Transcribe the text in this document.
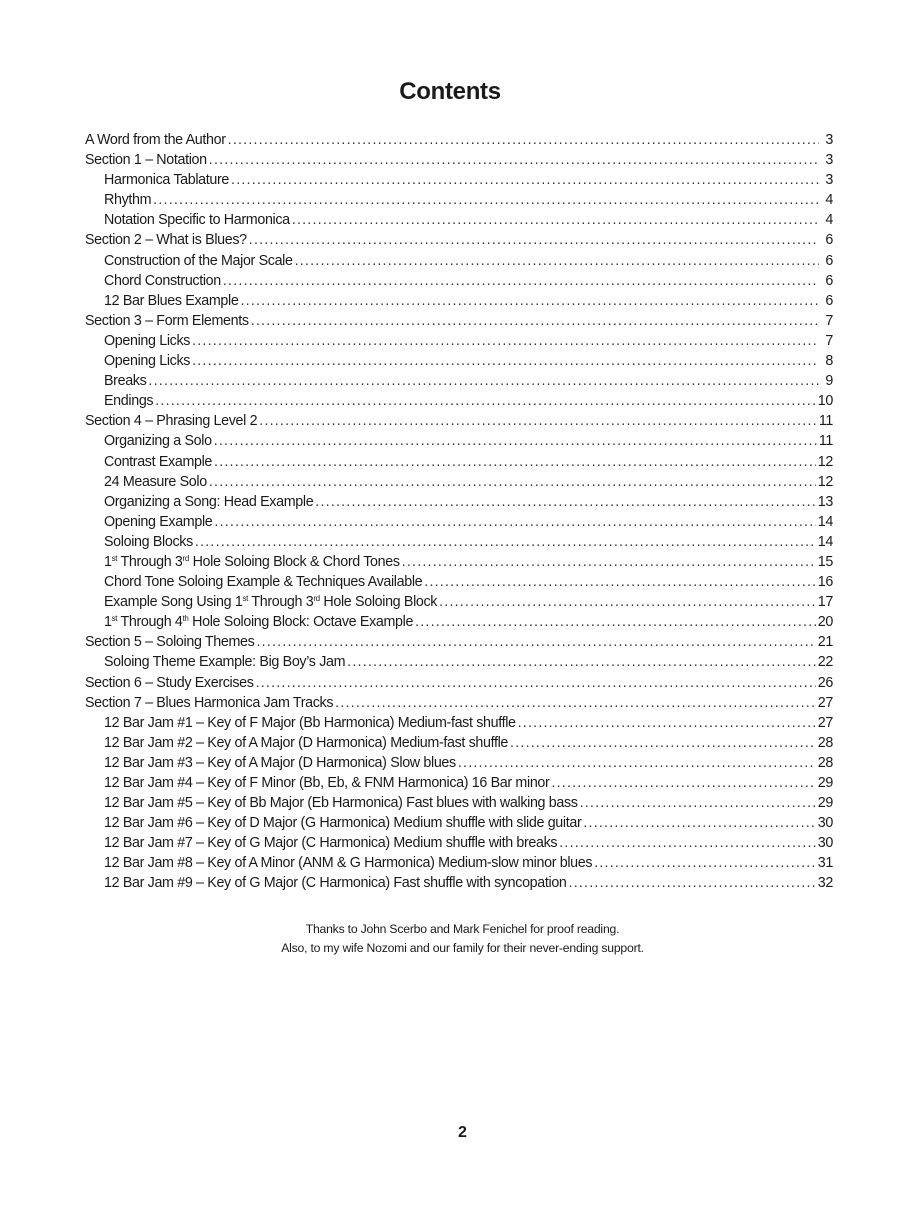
Contents
A Word from the Author .....	3
Section 1 – Notation .....	3
Harmonica Tablature .....	3
Rhythm .....	4
Notation Specific to Harmonica .....	4
Section 2 – What is Blues? .....	6
Construction of the Major Scale .....	6
Chord Construction .....	6
12 Bar Blues Example .....	6
Section 3 – Form Elements .....	7
Opening Licks .....	7
Opening Licks .....	8
Breaks .....	9
Endings .....	10
Section 4 – Phrasing Level 2 .....	11
Organizing a Solo .....	11
Contrast Example .....	12
24 Measure Solo .....	12
Organizing a Song: Head Example .....	13
Opening Example .....	14
Soloing Blocks .....	14
1st Through 3rd Hole Soloing Block & Chord Tones .....	15
Chord Tone Soloing Example & Techniques Available .....	16
Example Song Using 1st Through 3rd Hole Soloing Block .....	17
1st Through 4th Hole Soloing Block: Octave Example .....	20
Section 5 – Soloing Themes .....	21
Soloing Theme Example: Big Boy’s Jam .....	22
Section 6 – Study Exercises .....	26
Section 7 – Blues Harmonica Jam Tracks .....	27
12 Bar Jam #1 – Key of F Major (Bb Harmonica) Medium-fast shuffle .....	27
12 Bar Jam #2 – Key of A Major (D Harmonica) Medium-fast shuffle .....	28
12 Bar Jam #3 – Key of A Major (D Harmonica) Slow blues .....	28
12 Bar Jam #4 – Key of F Minor (Bb, Eb, & FNM Harmonica) 16 Bar minor .....	29
12 Bar Jam #5 – Key of Bb Major (Eb Harmonica) Fast blues with walking bass .....	29
12 Bar Jam #6 – Key of D Major (G Harmonica) Medium shuffle with slide guitar .....	30
12 Bar Jam #7 – Key of G Major (C Harmonica) Medium shuffle with breaks .....	30
12 Bar Jam #8 – Key of A Minor (ANM & G Harmonica) Medium-slow minor blues .....	31
12 Bar Jam #9 – Key of G Major (C Harmonica) Fast shuffle with syncopation .....	32
Thanks to John Scerbo and Mark Fenichel for proof reading.
Also, to my wife Nozomi and our family for their never-ending support.
2
